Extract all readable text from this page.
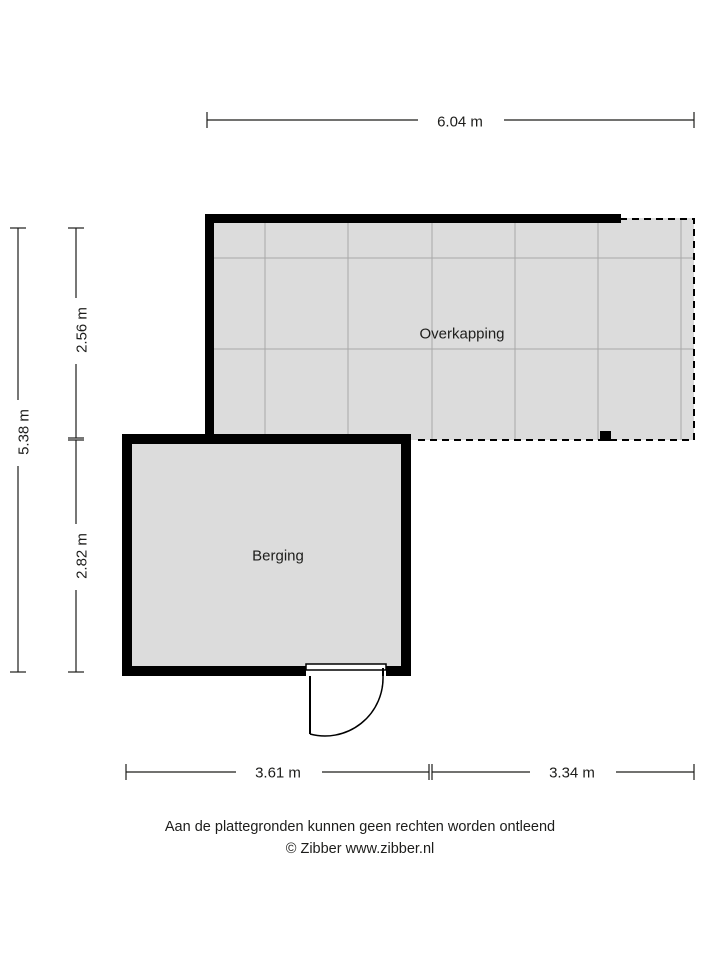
Overkapping
Berging
6.04 m
5.38 m
2.56 m
2.82 m
3.61 m	3.34 m
Aan de plattegronden kunnen geen rechten worden ontleend
© Zibber www.zibber.nl
